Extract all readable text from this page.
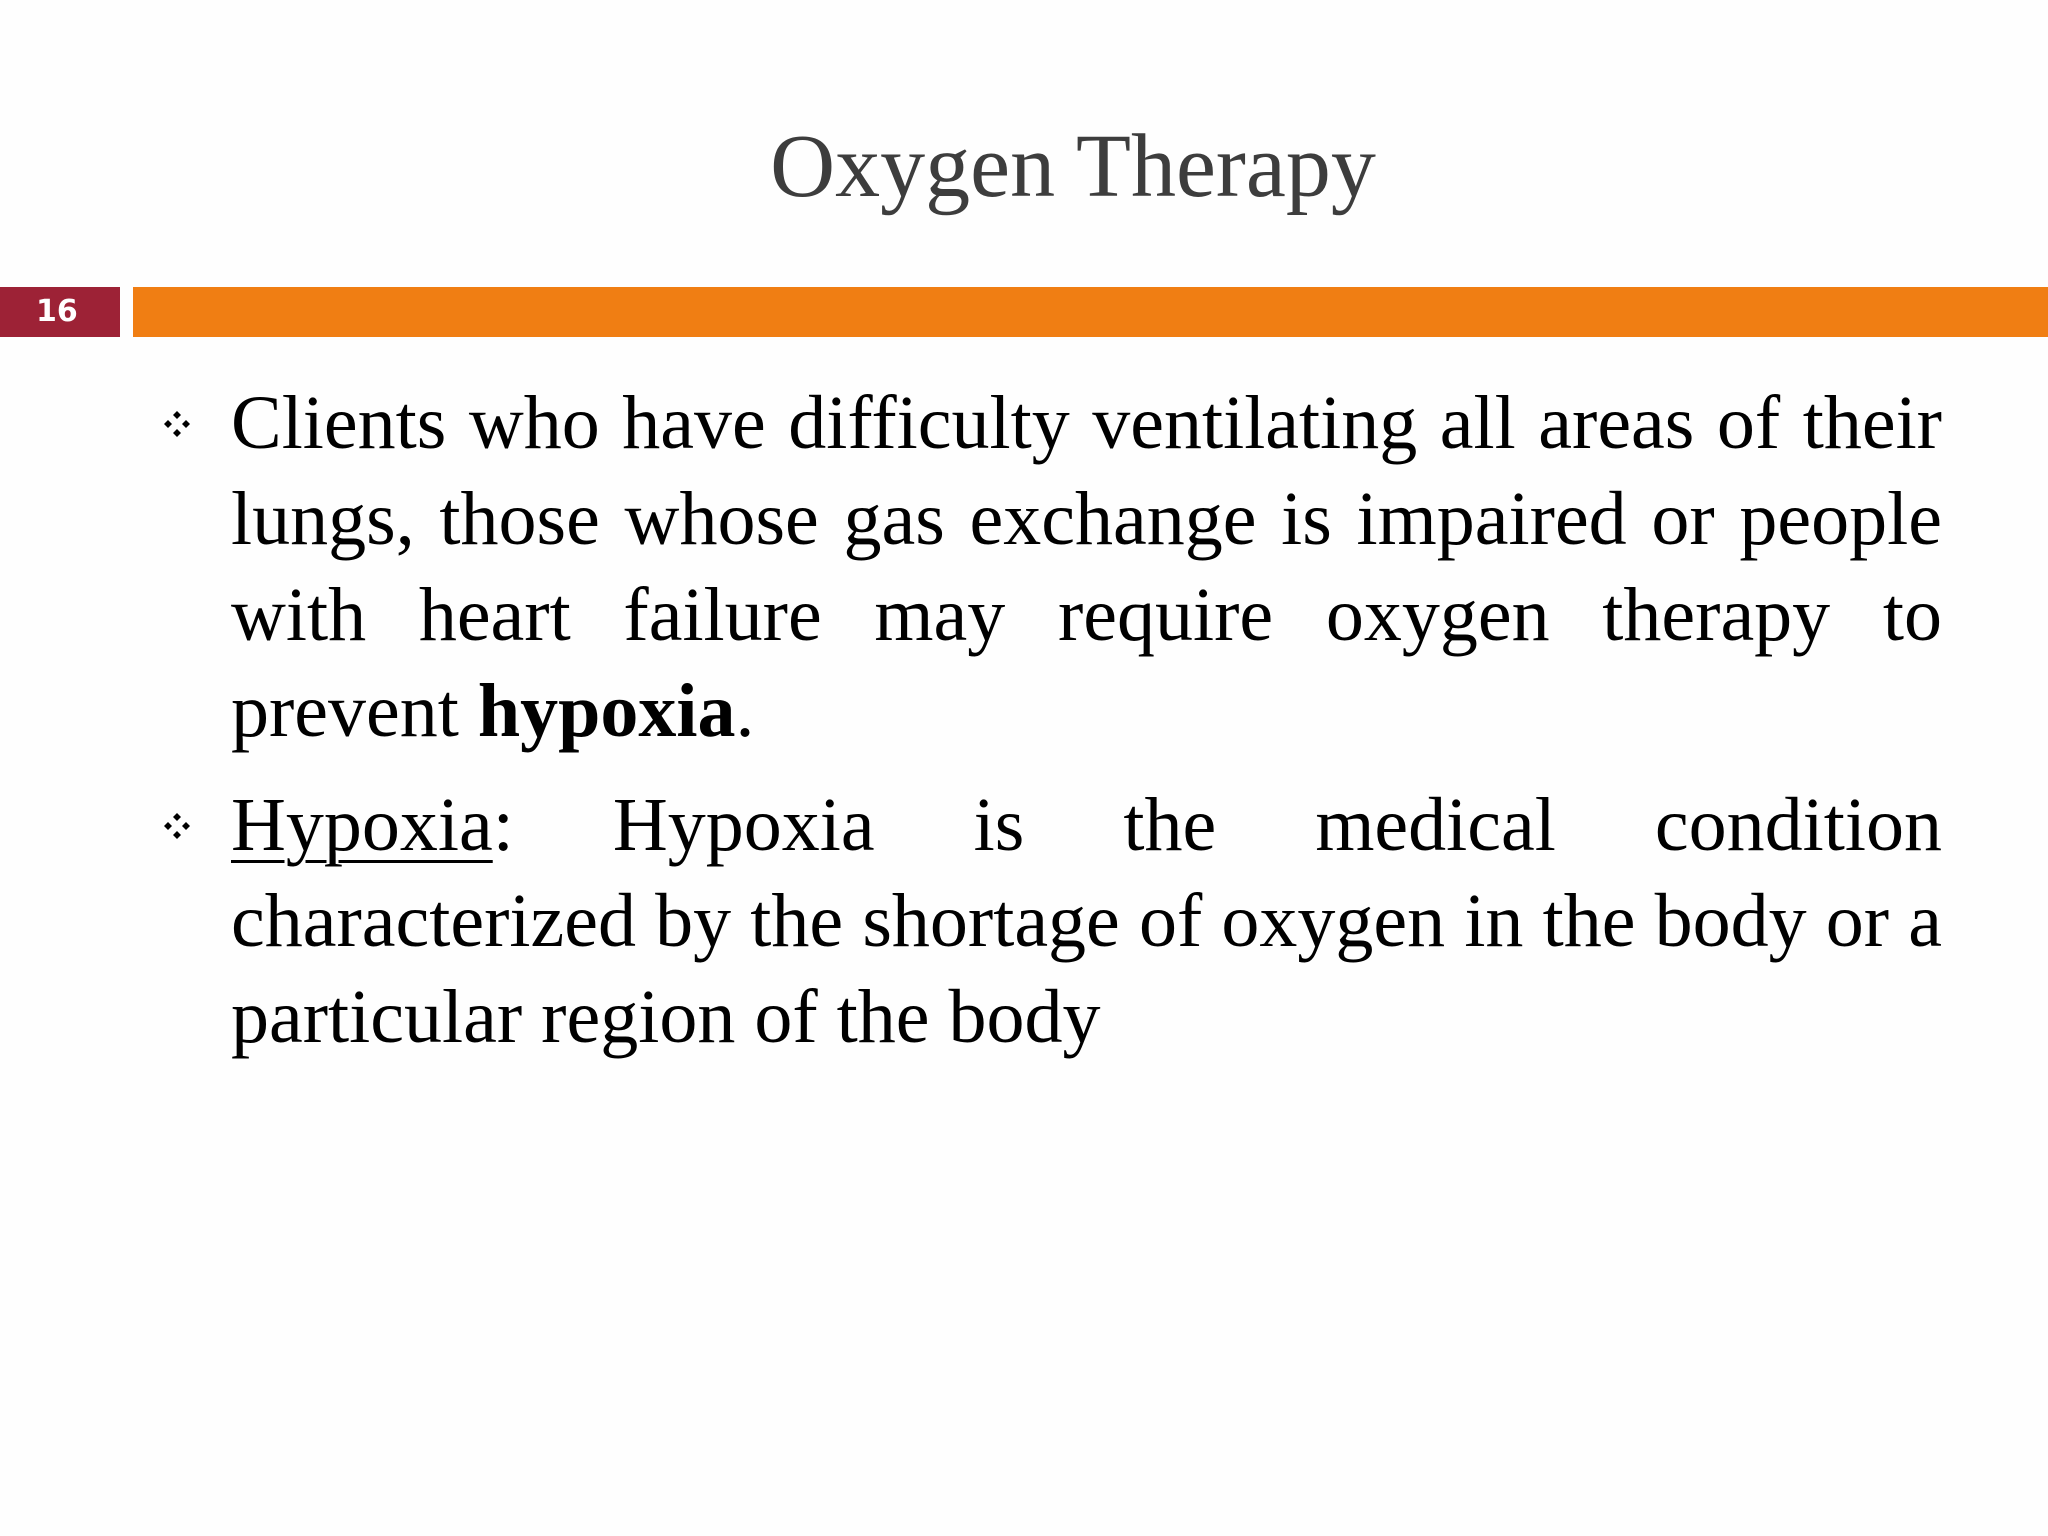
Oxygen Therapy
16
Clients who have difficulty ventilating all areas of their lungs, those whose gas exchange is impaired or people with heart failure may require oxygen therapy to prevent hypoxia.
Hypoxia: Hypoxia is the medical condition characterized by the shortage of oxygen in the body or a particular region of the body
